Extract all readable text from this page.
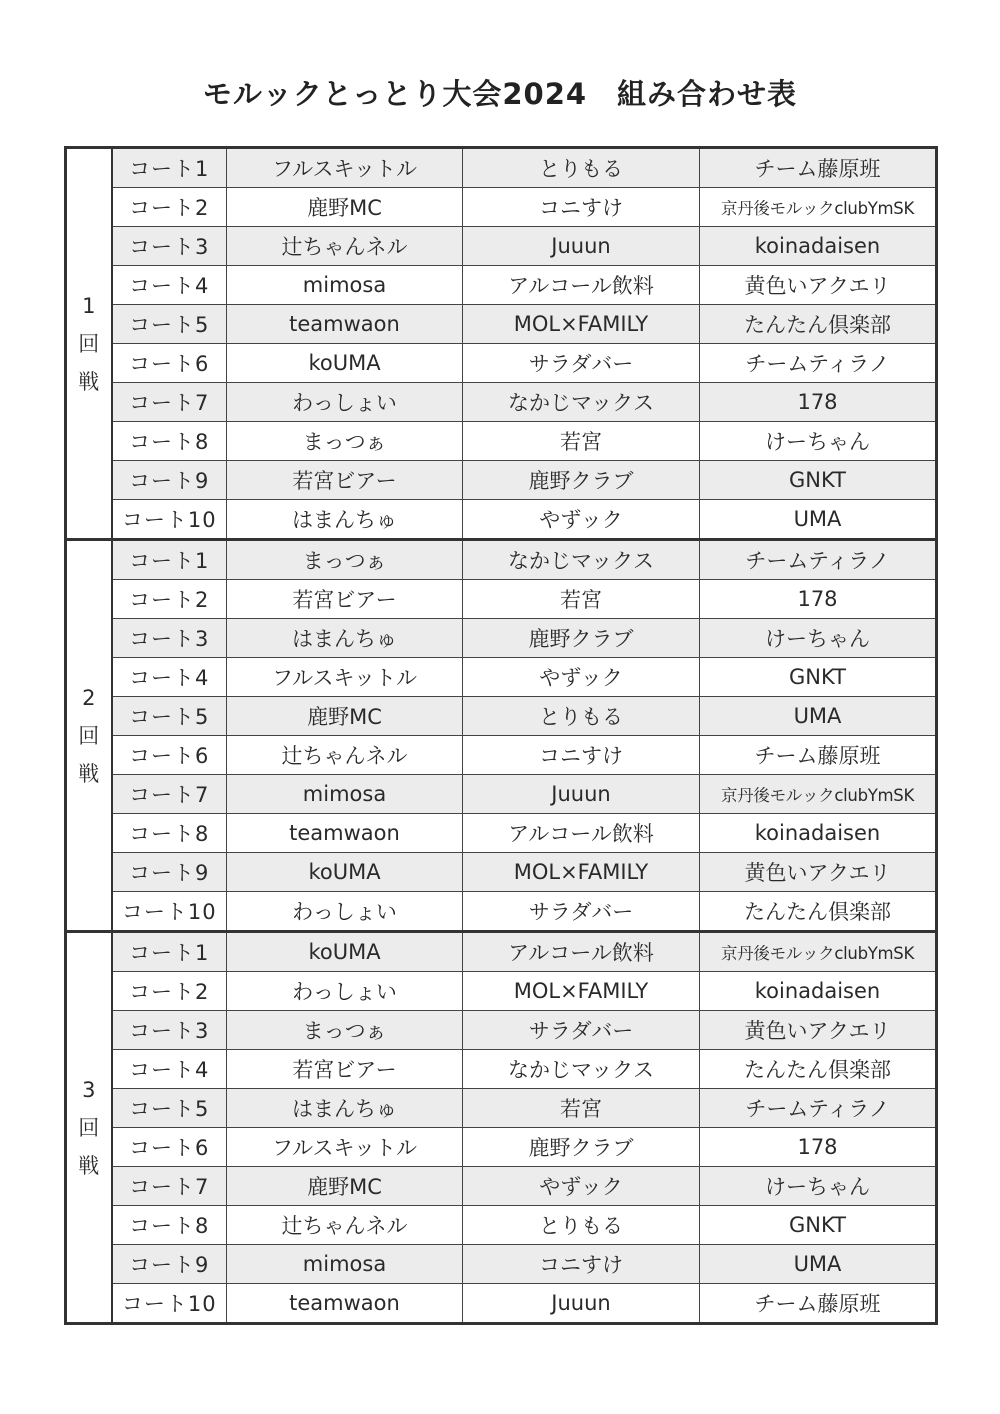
モルックとっとり大会2024　組み合わせ表
1
回
戦	コート1	フルスキットル	とりもる	チーム藤原班
	コート2	鹿野MC	コニすけ	京丹後モルックclubYmSK
	コート3	辻ちゃんネル	Juuun	koinadaisen
	コート4	mimosa	アルコール飲料	黄色いアクエリ
	コート5	teamwaon	MOL×FAMILY	たんたん倶楽部
	コート6	koUMA	サラダバー	チームティラノ
	コート7	わっしょい	なかじマックス	178
	コート8	まっつぁ	若宮	けーちゃん
	コート9	若宮ビアー	鹿野クラブ	GNKT
	コート10	はまんちゅ	やずック	UMA

2
回
戦	コート1	まっつぁ	なかじマックス	チームティラノ
	コート2	若宮ビアー	若宮	178
	コート3	はまんちゅ	鹿野クラブ	けーちゃん
	コート4	フルスキットル	やずック	GNKT
	コート5	鹿野MC	とりもる	UMA
	コート6	辻ちゃんネル	コニすけ	チーム藤原班
	コート7	mimosa	Juuun	京丹後モルックclubYmSK
	コート8	teamwaon	アルコール飲料	koinadaisen
	コート9	koUMA	MOL×FAMILY	黄色いアクエリ
	コート10	わっしょい	サラダバー	たんたん倶楽部

3
回
戦	コート1	koUMA	アルコール飲料	京丹後モルックclubYmSK
	コート2	わっしょい	MOL×FAMILY	koinadaisen
	コート3	まっつぁ	サラダバー	黄色いアクエリ
	コート4	若宮ビアー	なかじマックス	たんたん倶楽部
	コート5	はまんちゅ	若宮	チームティラノ
	コート6	フルスキットル	鹿野クラブ	178
	コート7	鹿野MC	やずック	けーちゃん
	コート8	辻ちゃんネル	とりもる	GNKT
	コート9	mimosa	コニすけ	UMA
	コート10	teamwaon	Juuun	チーム藤原班
